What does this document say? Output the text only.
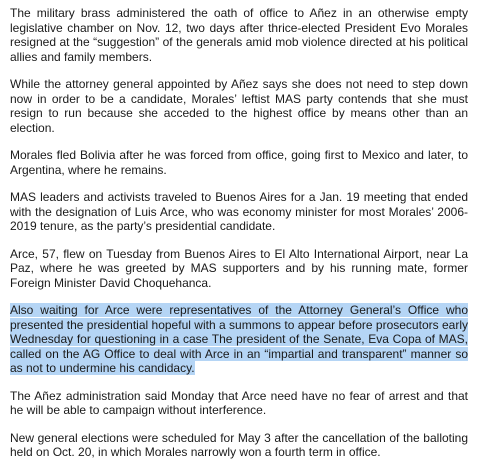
The military brass administered the oath of office to Añez in an otherwise empty legislative chamber on Nov. 12, two days after thrice-elected President Evo Morales resigned at the “suggestion” of the generals amid mob violence directed at his political allies and family members.

While the attorney general appointed by Añez says she does not need to step down now in order to be a candidate, Morales’ leftist MAS party contends that she must resign to run because she acceded to the highest office by means other than an election.

Morales fled Bolivia after he was forced from office, going first to Mexico and later, to Argentina, where he remains.

MAS leaders and activists traveled to Buenos Aires for a Jan. 19 meeting that ended with the designation of Luis Arce, who was economy minister for most Morales’ 2006-2019 tenure, as the party’s presidential candidate.

Arce, 57, flew on Tuesday from Buenos Aires to El Alto International Airport, near La Paz, where he was greeted by MAS supporters and by his running mate, former Foreign Minister David Choquehanca.

Also waiting for Arce were representatives of the Attorney General’s Office who presented the presidential hopeful with a summons to appear before prosecutors early Wednesday for questioning in a case The president of the Senate, Eva Copa of MAS, called on the AG Office to deal with Arce in an “impartial and transparent” manner so as not to undermine his candidacy.

The Añez administration said Monday that Arce need have no fear of arrest and that he will be able to campaign without interference.

New general elections were scheduled for May 3 after the cancellation of the balloting held on Oct. 20, in which Morales narrowly won a fourth term in office.
